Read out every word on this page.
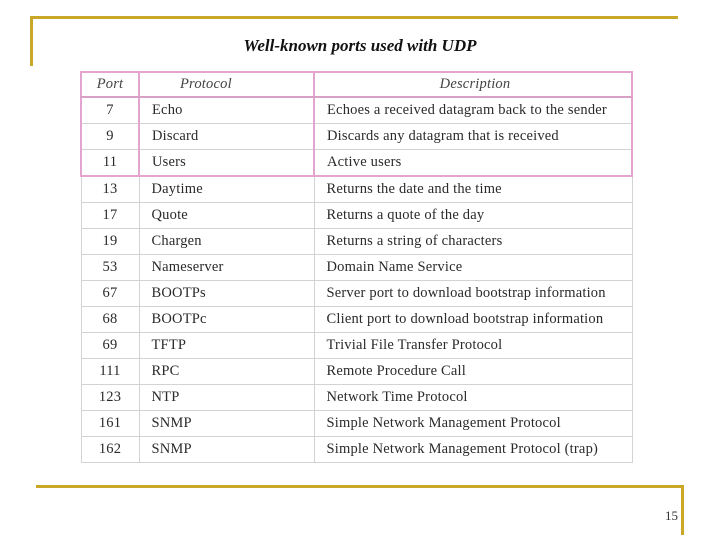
Well-known ports used with UDP
Port	Protocol	Description
7	Echo	Echoes a received datagram back to the sender
9	Discard	Discards any datagram that is received
11	Users	Active users
13	Daytime	Returns the date and the time
17	Quote	Returns a quote of the day
19	Chargen	Returns a string of characters
53	Nameserver	Domain Name Service
67	BOOTPs	Server port to download bootstrap information
68	BOOTPc	Client port to download bootstrap information
69	TFTP	Trivial File Transfer Protocol
111	RPC	Remote Procedure Call
123	NTP	Network Time Protocol
161	SNMP	Simple Network Management Protocol
162	SNMP	Simple Network Management Protocol (trap)
15
